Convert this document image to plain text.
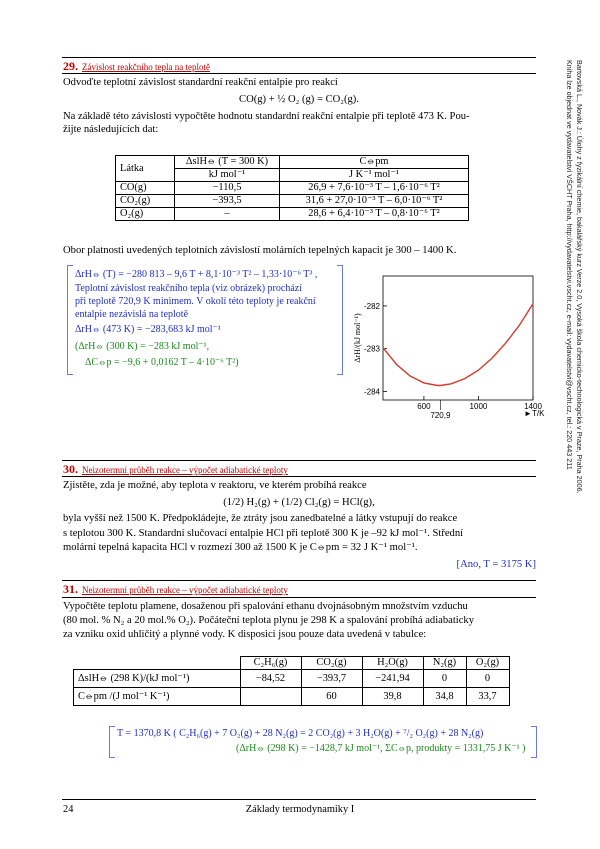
Bartovská L., Novák J.: Úlohy z fyzikální chemie, bakalářský kurz Verze 2.0, Vysoká škola chemicko-technologická v Praze, Praha 2006.
Kniha lze objednat ve vydavatelství VŠCHT Praha, http://vydavatelstvi.vscht.cz, e-mail: vydavatelstvi@vscht.cz, tel.: 220 443 211
29. Závislost reakčního tepla na teplotě
Odvoďte teplotní závislost standardní reakční entalpie pro reakci
CO(g) + ½ O₂ (g) = CO₂(g).
Na základě této závislosti vypočtěte hodnotu standardní reakční entalpie při teplotě 473 K. Pou-
žijte následujících dat:
Látka	ΔslH⦵ (T = 300 K)	C⦵pm
	kJ mol⁻¹	J K⁻¹ mol⁻¹
CO(g)	−110,5	26,9 + 7,6·10⁻³ T – 1,6·10⁻⁶ T²
CO₂(g)	−393,5	31,6 + 27,0·10⁻³ T – 6,0·10⁻⁶ T²
O₂(g)	–	28,6 + 6,4·10⁻³ T – 0,8·10⁻⁶ T²
Obor platnosti uvedených teplotních závislostí molárních tepelných kapacit je 300 – 1400 K.
ΔrH⦵ (T) = −280 813 – 9,6 T + 8,1·10⁻³ T² – 1,33·10⁻⁶ T³ ,
Teplotní závislost reakčního tepla (viz obrázek) prochází
při teplotě 720,9 K minimem. V okolí této teploty je reakční
entalpie nezávislá na teplotě
ΔrH⦵ (473 K) = −283,683 kJ mol⁻¹
(ΔrH⦵ (300 K) = −283 kJ mol⁻¹,
ΔC⦵p = −9,6 + 0,0162 T – 4·10⁻⁶ T²)
-282
-283
-284
600	1000	1400
ΔrH/(kJ mol⁻¹)
720,9	► T/K
30. Neizotermní průběh reakce – výpočet adiabatické teploty
Zjistěte, zda je možné, aby teplota v reaktoru, ve kterém probíhá reakce
(1/2) H₂(g) + (1/2) Cl₂(g) = HCl(g),
byla vyšší než 1500 K. Předpokládejte, že ztráty jsou zanedbatelné a látky vstupují do reakce
s teplotou 300 K. Standardní slučovací entalpie HCl při teplotě 300 K je –92 kJ mol⁻¹. Střední
molární tepelná kapacita HCl v rozmezí 300 až 1500 K je C⦵pm = 32 J K⁻¹ mol⁻¹.
[Ano, T = 3175 K]
31. Neizotermní průběh reakce – výpočet adiabatické teploty
Vypočtěte teplotu plamene, dosaženou při spalování ethanu dvojnásobným množstvím vzduchu
(80 mol. % N₂ a 20 mol.% O₂). Počáteční teplota plynu je 298 K a spalování probíhá adiabaticky
za vzniku oxid uhličitý a plynné vody. K disposici jsou pouze data uvedená v tabulce:
	C₂H₆(g)	CO₂(g)	H₂O(g)	N₂(g)	O₂(g)
ΔslH⦵ (298 K)/(kJ mol⁻¹)	−84,52	−393,7	−241,94	0	0
C⦵pm /(J mol⁻¹ K⁻¹)		60	39,8	34,8	33,7
T = 1370,8 K ( C₂H₆(g) + 7 O₂(g) + 28 N₂(g) = 2 CO₂(g) + 3 H₂O(g) + ⁷/₂ O₂(g) + 28 N₂(g)
(ΔrH⦵ (298 K) = −1428,7 kJ mol⁻¹, ΣC⦵p, produkty = 1331,75 J K⁻¹ )
24	Základy termodynamiky I
